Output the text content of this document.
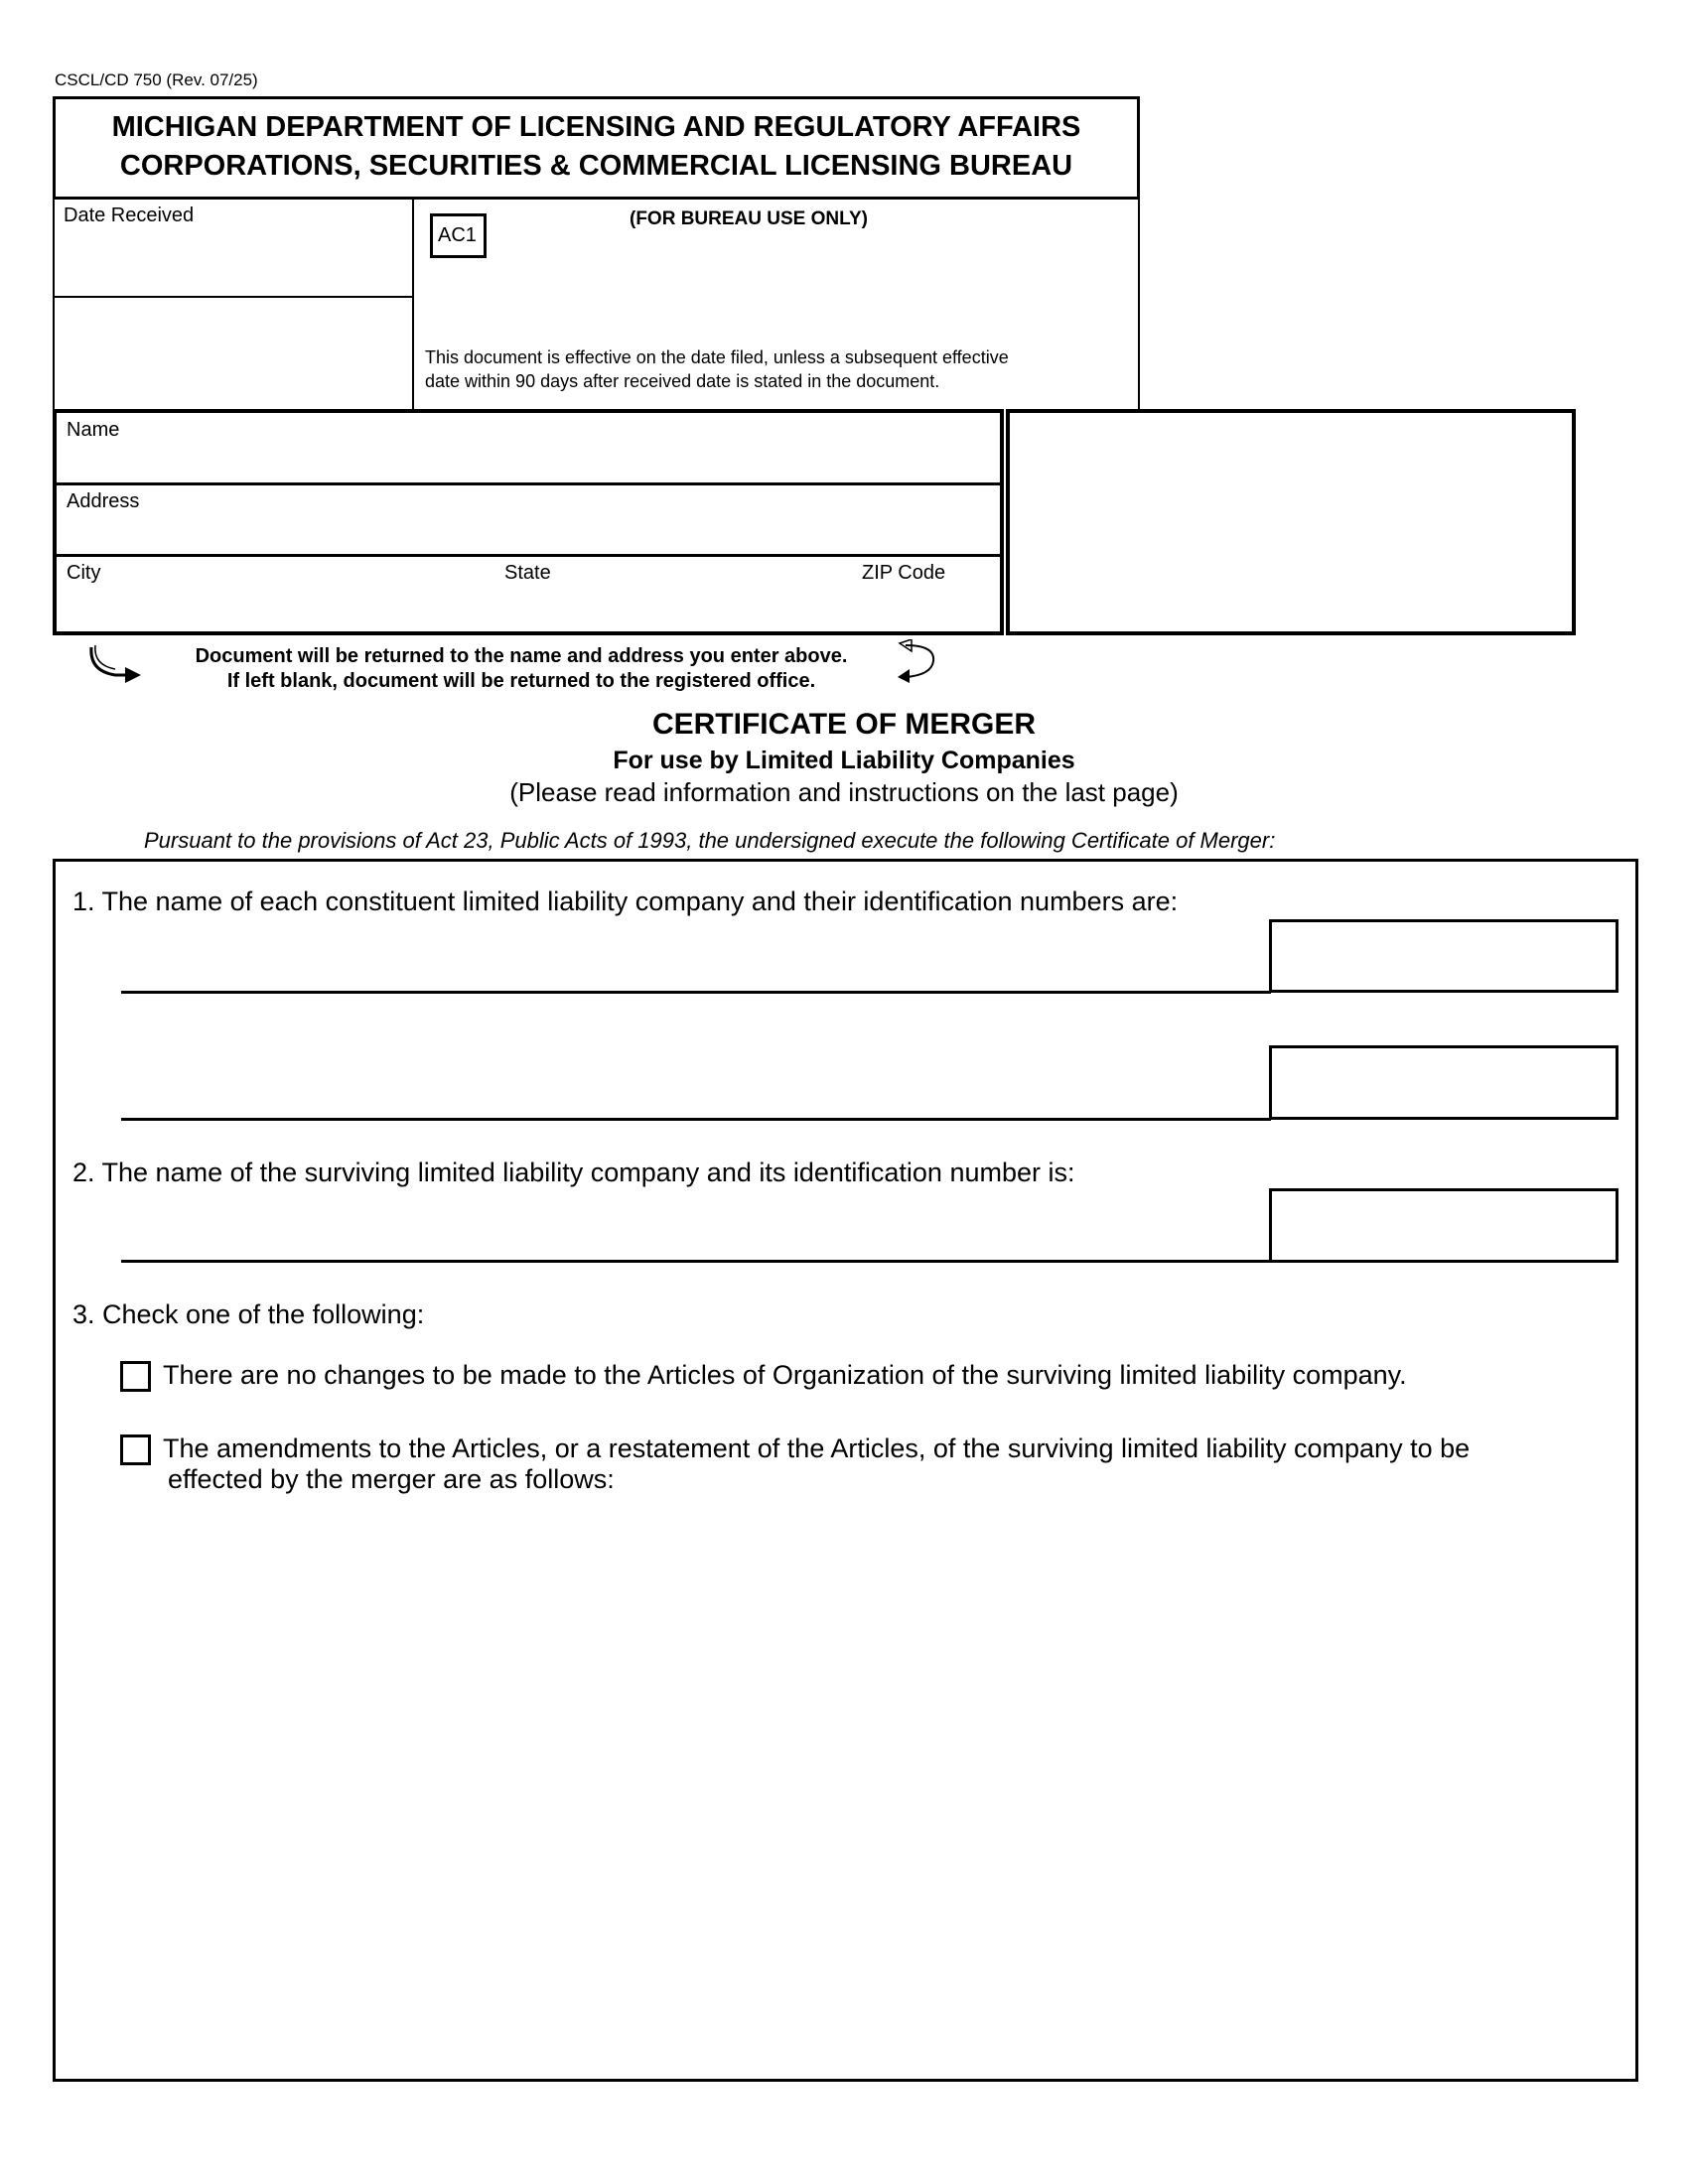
CSCL/CD 750 (Rev. 07/25)
MICHIGAN DEPARTMENT OF LICENSING AND REGULATORY AFFAIRS
CORPORATIONS, SECURITIES & COMMERCIAL LICENSING BUREAU
Date Received
AC1
(FOR BUREAU USE ONLY)
This document is effective on the date filed, unless a subsequent effective
date within 90 days after received date is stated in the document.
Name
Address
City	State	ZIP Code
Document will be returned to the name and address you enter above.
If left blank, document will be returned to the registered office.
CERTIFICATE OF MERGER
For use by Limited Liability Companies
(Please read information and instructions on the last page)
Pursuant to the provisions of Act 23, Public Acts of 1993, the undersigned execute the following Certificate of Merger:
1. The name of each constituent limited liability company and their identification numbers are:
2. The name of the surviving limited liability company and its identification number is:
3. Check one of the following:
There are no changes to be made to the Articles of Organization of the surviving limited liability company.
The amendments to the Articles, or a restatement of the Articles, of the surviving limited liability company to be
effected by the merger are as follows:
